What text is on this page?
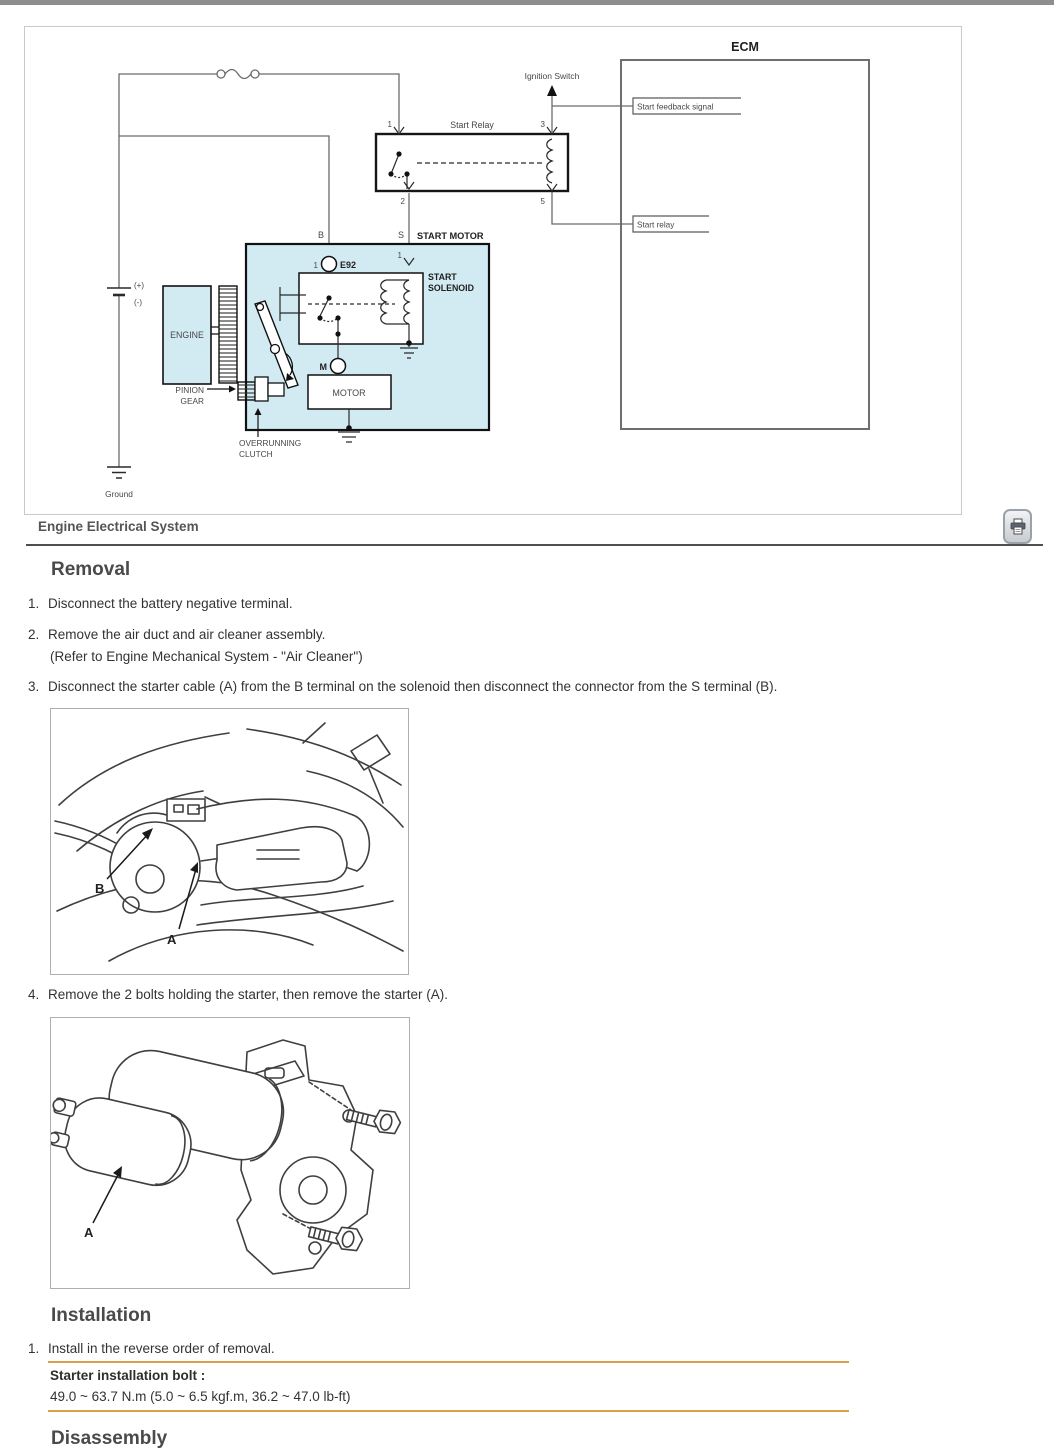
ECM
Start feedback signal
Start relay
Ignition Switch
Start Relay
1	3
2	5
B	S START MOTOR
1 E92
1
START
SOLENOID
M
MOTOR
ENGINE
PINION
GEAR
OVERRUNNING
CLUTCH
(+)
(-)
Ground
Engine Electrical System
Removal
1. Disconnect the battery negative terminal.
2. Remove the air duct and air cleaner assembly.
(Refer to Engine Mechanical System - "Air Cleaner")
3. Disconnect the starter cable (A) from the B terminal on the solenoid then disconnect the connector from the S terminal (B).
B
A
4. Remove the 2 bolts holding the starter, then remove the starter (A).
A
Installation
1. Install in the reverse order of removal.
Starter installation bolt :
49.0 ~ 63.7 N.m (5.0 ~ 6.5 kgf.m, 36.2 ~ 47.0 lb-ft)
Disassembly
